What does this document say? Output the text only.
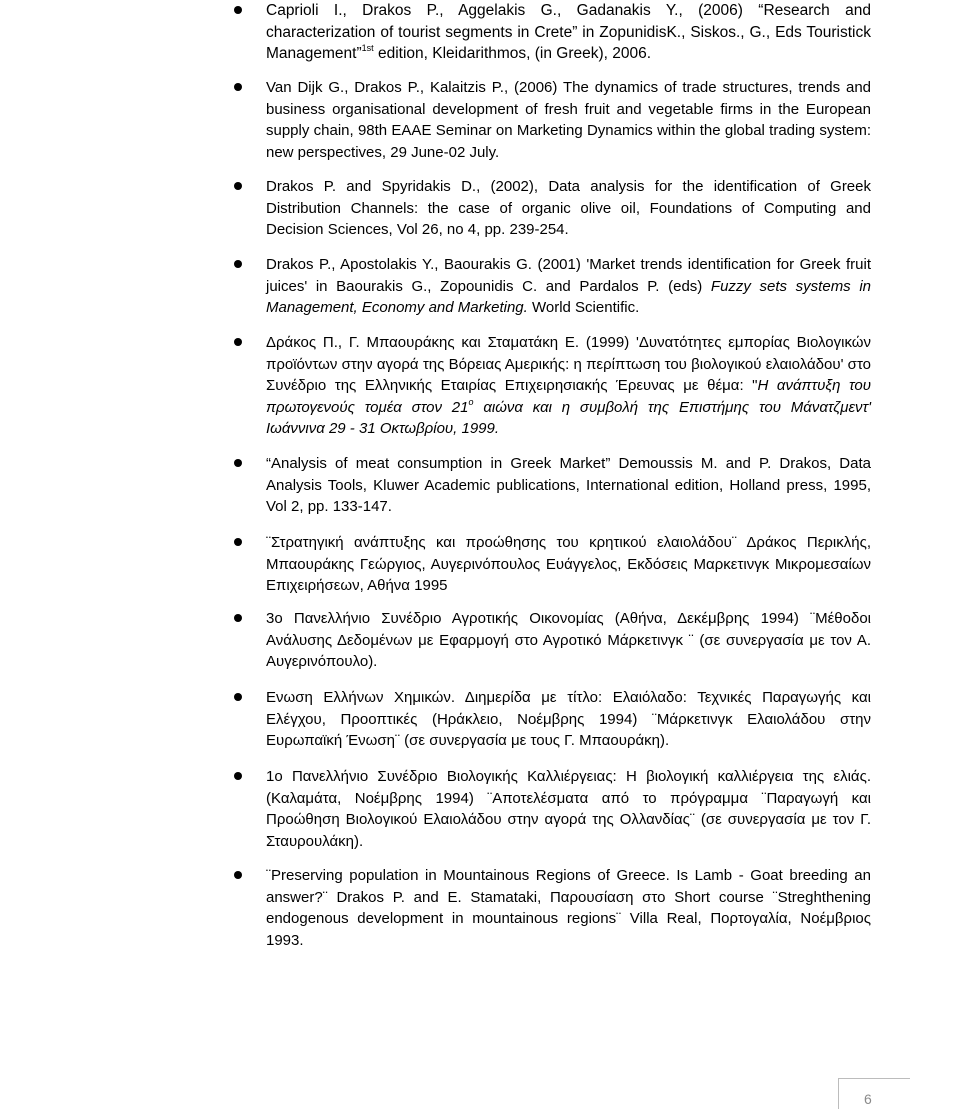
Caprioli I., Drakos P., Aggelakis G., Gadanakis Y., (2006) “Research and characterization of tourist segments in Crete” in ZopunidisK., Siskos., G., Eds Touristick Management”$^{1st}$ edition, Kleidarithmos, (in Greek), 2006.
Van Dijk G., Drakos P., Kalaitzis P., (2006) The dynamics of trade structures, trends and business organisational development of fresh fruit and vegetable firms in the European supply chain, 98th EAAE Seminar on Marketing Dynamics within the global trading system: new perspectives, 29 June-02 July.
Drakos P. and Spyridakis D., (2002), Data analysis for the identification of Greek Distribution Channels: the case of organic olive oil, Foundations of Computing and Decision Sciences, Vol 26, no 4, pp. 239-254.
Drakos P., Apostolakis Y., Baourakis G. (2001) 'Market trends identification for Greek fruit juices' in Baourakis G., Zopounidis C. and Pardalos P. (eds) Fuzzy sets systems in Management, Economy and Marketing. World Scientific.
Δράκος Π., Γ. Μπαουράκης και Σταματάκη Ε. (1999) 'Δυνατότητες εμπορίας Βιολογικών προϊόντων στην αγορά της Βόρειας Αμερικής: η περίπτωση του βιολογικού ελαιολάδου' στο Συνέδριο της Ελληνικής Εταιρίας Επιχειρησιακής Έρευνας με θέμα: "Η ανάπτυξη του πρωτογενούς τομέα στον $21^o$ αιώνα και η συμβολή της Επιστήμης του Μάνατζμεντ' Ιωάννινα 29 - 31 Οκτωβρίου, 1999.
“Analysis of meat consumption in Greek Market” Demoussis M. and P. Drakos, Data Analysis Tools, Kluwer Academic publications, International edition, Holland press, 1995, Vol 2, pp. 133-147.
¨Στρατηγική ανάπτυξης και προώθησης του κρητικού ελαιολάδου¨ Δράκος Περικλής, Μπαουράκης Γεώργιος, Αυγερινόπουλος Ευάγγελος, Εκδόσεις Μαρκετινγκ Μικρομεσαίων Επιχειρήσεων, Αθήνα 1995
3ο Πανελλήνιο Συνέδριο Αγροτικής Οικονομίας (Αθήνα, Δεκέμβρης 1994) ¨Μέθοδοι Ανάλυσης Δεδομένων με Εφαρμογή στο Αγροτικό Μάρκετινγκ ¨ (σε συνεργασία με τον Α. Αυγερινόπουλο).
Ενωση Ελλήνων Χημικών. Διημερίδα με τίτλο: Ελαιόλαδο: Τεχνικές Παραγωγής και Ελέγχου, Προοπτικές (Ηράκλειο, Νοέμβρης 1994) ¨Μάρκετινγκ Ελαιολάδου στην Ευρωπαϊκή Ένωση¨ (σε συνεργασία με τους Γ. Μπαουράκη).
1ο Πανελλήνιο Συνέδριο Βιολογικής Καλλιέργειας: Η βιολογική καλλιέργεια της ελιάς. (Καλαμάτα, Νοέμβρης 1994) ¨Αποτελέσματα από το πρόγραμμα ¨Παραγωγή και Προώθηση Βιολογικού Ελαιολάδου στην αγορά της Ολλανδίας¨ (σε συνεργασία με τον Γ. Σταυρουλάκη).
¨Preserving population in Mountainous Regions of Greece. Is Lamb - Goat breeding an answer?¨ Drakos P. and E. Stamataki, Παρουσίαση στο Short course ¨Streghthening endogenous development in mountainous regions¨ Villa Real, Πορτογαλία, Νοέμβριος 1993.
6
